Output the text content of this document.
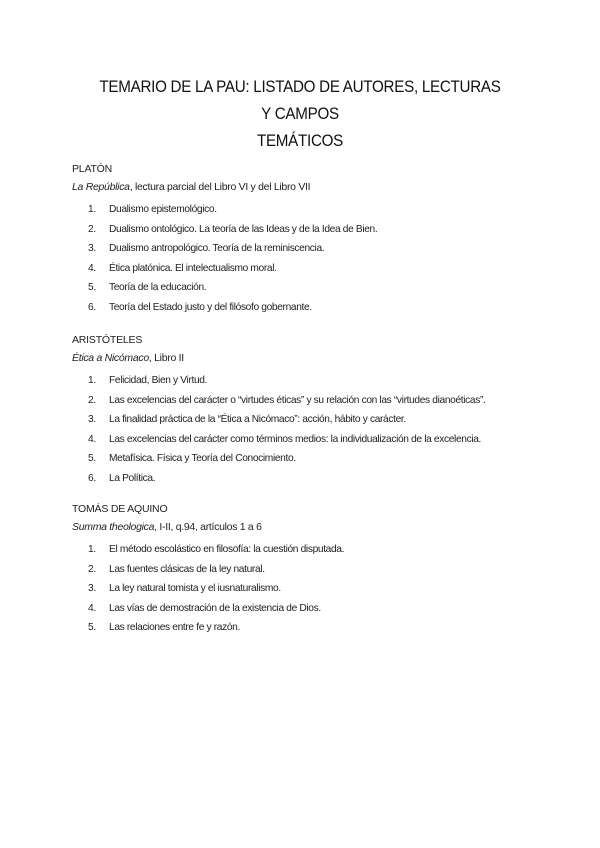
TEMARIO DE LA PAU: LISTADO DE AUTORES, LECTURAS Y CAMPOS
TEMÁTICOS

PLATÓN

La República, lectura parcial del Libro VI y del Libro VII

1.	Dualismo epistemológico.
2.	Dualismo ontológico. La teoría de las Ideas y de la Idea de Bien.
3.	Dualismo antropológico. Teoría de la reminiscencia.
4.	Ética platónica. El intelectualismo moral.
5.	Teoría de la educación.
6.	Teoría del Estado justo y del filósofo gobernante.

ARISTÓTELES

Ética a Nicómaco, Libro II

1.	Felicidad, Bien y Virtud.
2.	Las excelencias del carácter o “virtudes éticas” y su relación con las “virtudes dianoéticas”.
3.	La finalidad práctica de la “Ética a Nicómaco”: acción, hábito y carácter.
4.	Las excelencias del carácter como términos medios: la individualización de la excelencia.
5.	Metafísica. Física y Teoría del Conocimiento.
6.	La Política.

TOMÁS DE AQUINO

Summa theologica, I-II, q.94, artículos 1 a 6

1.	El método escolástico en filosofía: la cuestión disputada.
2.	Las fuentes clásicas de la ley natural.
3.	La ley natural tomista y el iusnaturalismo.
4.	Las vías de demostración de la existencia de Dios.
5.	Las relaciones entre fe y razón.
